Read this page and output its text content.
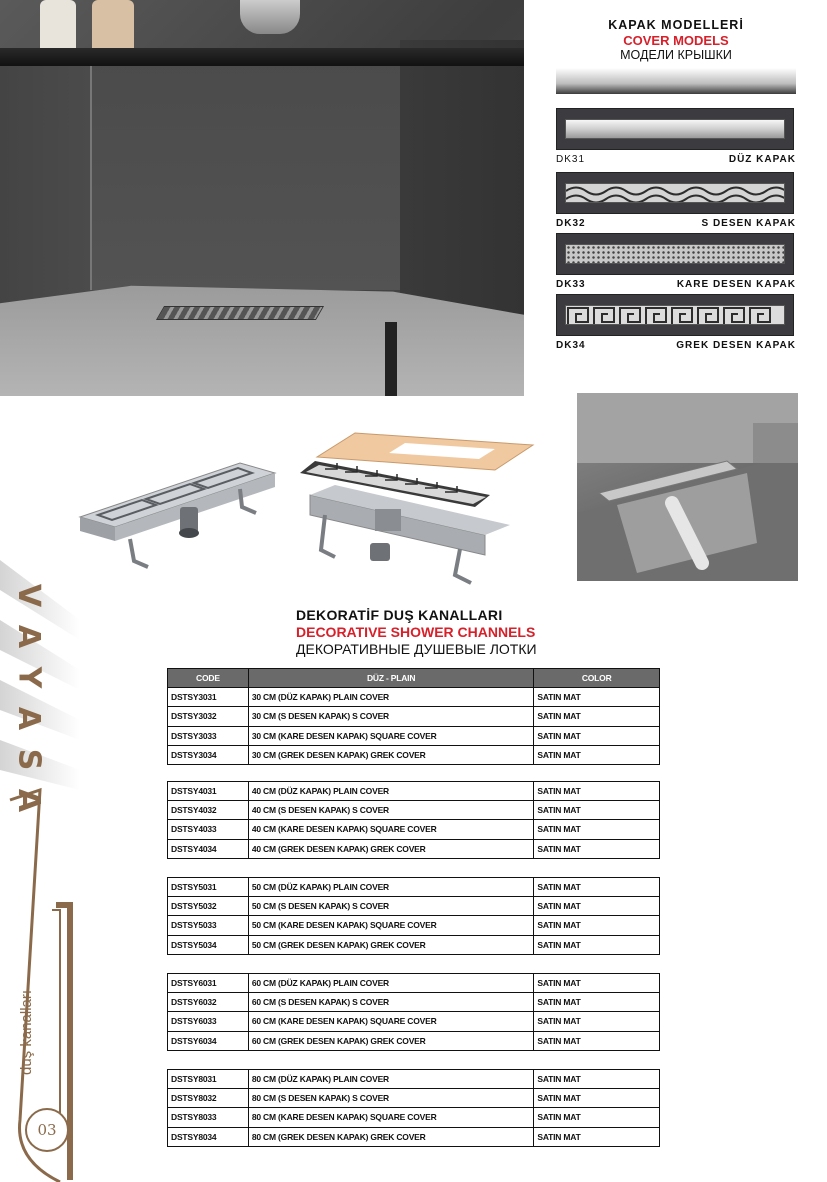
KAPAK MODELLERİ
COVER MODELS
МОДЕЛИ КРЫШКИ
DK31	DÜZ KAPAK
DK32	S DESEN KAPAK
DK33	KARE DESEN KAPAK
DK34	GREK DESEN KAPAK
V
A
Y
A
S
A
duş kanalları
03
DEKORATİF DUŞ KANALLARI
DECORATIVE SHOWER CHANNELS
ДЕКОРАТИВНЫЕ ДУШЕВЫЕ ЛОТКИ
CODE	DÜZ - PLAIN	COLOR
DSTSY3031	30 CM (DÜZ KAPAK) PLAIN COVER	SATIN MAT
DSTSY3032	30 CM (S DESEN KAPAK) S COVER	SATIN MAT
DSTSY3033	30 CM (KARE DESEN KAPAK) SQUARE COVER	SATIN MAT
DSTSY3034	30 CM (GREK DESEN KAPAK) GREK COVER	SATIN MAT
DSTSY4031	40 CM (DÜZ KAPAK) PLAIN COVER	SATIN MAT
DSTSY4032	40 CM (S DESEN KAPAK) S COVER	SATIN MAT
DSTSY4033	40 CM (KARE DESEN KAPAK) SQUARE COVER	SATIN MAT
DSTSY4034	40 CM (GREK DESEN KAPAK) GREK COVER	SATIN MAT
DSTSY5031	50 CM (DÜZ KAPAK) PLAIN COVER	SATIN MAT
DSTSY5032	50 CM (S DESEN KAPAK) S COVER	SATIN MAT
DSTSY5033	50 CM (KARE DESEN KAPAK) SQUARE COVER	SATIN MAT
DSTSY5034	50 CM (GREK DESEN KAPAK) GREK COVER	SATIN MAT
DSTSY6031	60 CM (DÜZ KAPAK) PLAIN COVER	SATIN MAT
DSTSY6032	60 CM (S DESEN KAPAK) S COVER	SATIN MAT
DSTSY6033	60 CM (KARE DESEN KAPAK) SQUARE COVER	SATIN MAT
DSTSY6034	60 CM (GREK DESEN KAPAK) GREK COVER	SATIN MAT
DSTSY8031	80 CM (DÜZ KAPAK) PLAIN COVER	SATIN MAT
DSTSY8032	80 CM (S DESEN KAPAK) S COVER	SATIN MAT
DSTSY8033	80 CM (KARE DESEN KAPAK) SQUARE COVER	SATIN MAT
DSTSY8034	80 CM (GREK DESEN KAPAK) GREK COVER	SATIN MAT
